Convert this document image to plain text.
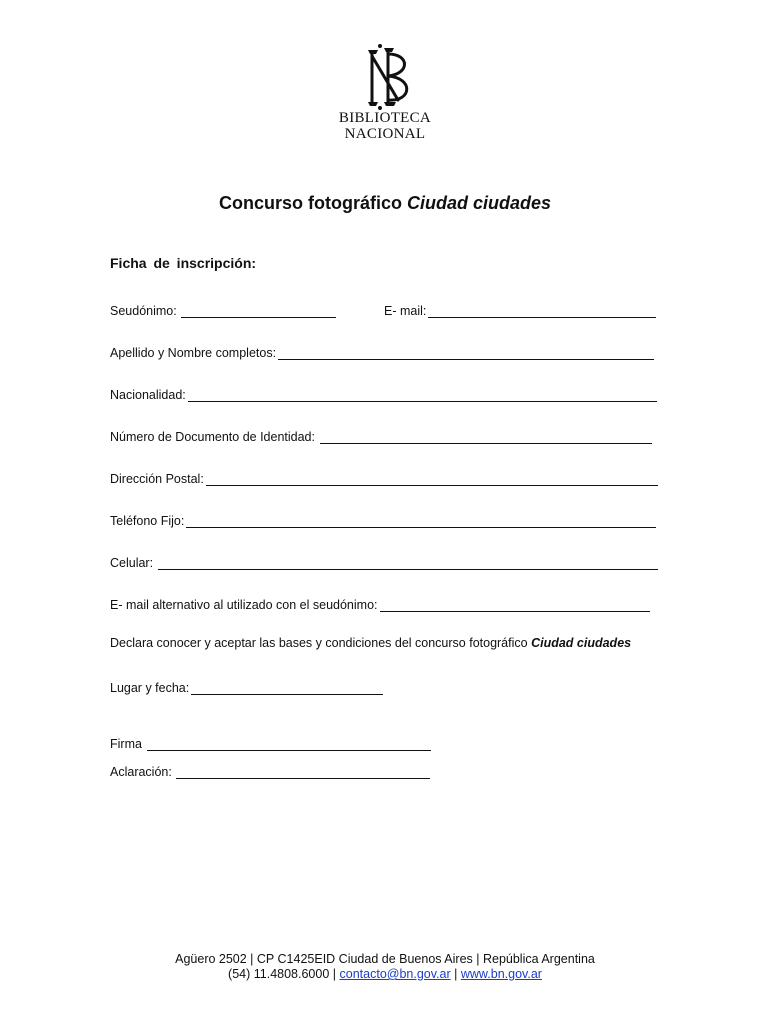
BIBLIOTECA
NACIONAL
Concurso fotográfico Ciudad ciudades
Ficha de inscripción:
Seudónimo:	E- mail:
Apellido y Nombre completos:
Nacionalidad:
Número de Documento de Identidad:
Dirección Postal:
Teléfono Fijo:
Celular:
E- mail alternativo al utilizado con el seudónimo:
Declara conocer y aceptar las bases y condiciones del concurso fotográfico Ciudad ciudades
Lugar y fecha:
Firma
Aclaración:
Agüero 2502 | CP C1425EID Ciudad de Buenos Aires | República Argentina
(54) 11.4808.6000 | contacto@bn.gov.ar | www.bn.gov.ar
